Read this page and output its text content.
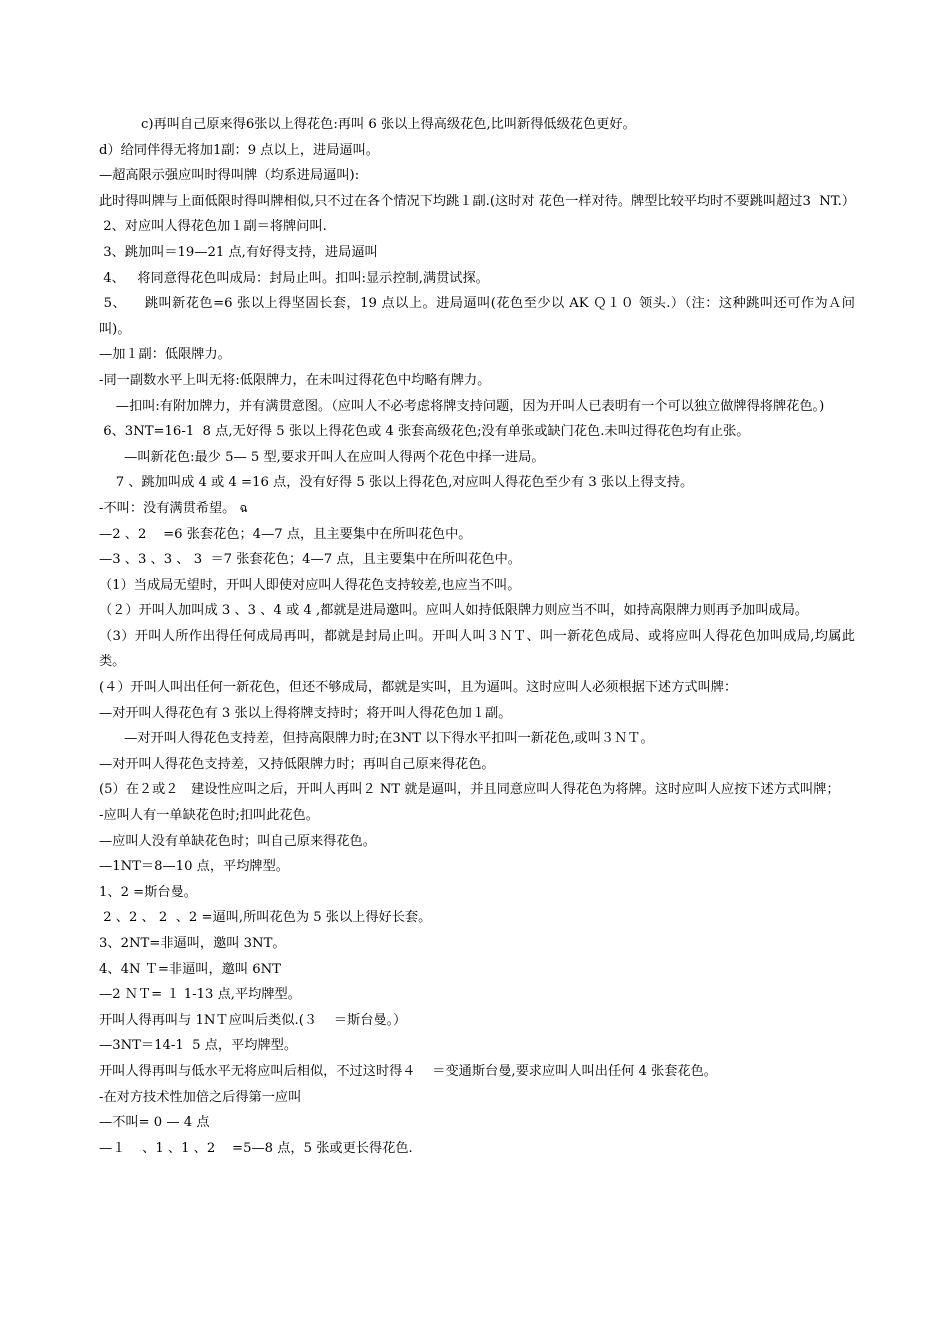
c)再叫自己原来得6张以上得花色:再叫 6 张以上得高级花色,比叫新得低级花色更好。
d）给同伴得无将加1副：9 点以上，进局逼叫。
—超高限示强应叫时得叫牌（均系进局逼叫):
此时得叫牌与上面低限时得叫牌相似,只不过在各个情况下均跳１副.(这时对 花色一样对待。牌型比较平均时不要跳叫超过3  NT.）
2、对应叫人得花色加１副＝将牌问叫.
3、跳加叫＝19—21 点,有好得支持，进局逼叫
4、   将同意得花色叫成局：封局止叫。扣叫:显示控制,满贯试探。
5、    跳叫新花色=6 张以上得坚固长套，19 点以上。进局逼叫(花色至少以 AK Ｑ１０ 领头.）（注：这种跳叫还可作为Ａ问叫)。
—加１副：低限牌力。
-同一副数水平上叫无将:低限牌力，在未叫过得花色中均略有牌力。
—扣叫:有附加牌力，并有满贯意图。（应叫人不必考虑将牌支持问题，因为开叫人已表明有一个可以独立做牌得将牌花色。)
6、3NT=16-1  8 点,无好得 5 张以上得花色或 4 张套高级花色;没有单张或缺门花色.未叫过得花色均有止张。
—叫新花色:最少 5— 5 型,要求开叫人在应叫人得两个花色中择一进局。
7 、跳加叫成 4 或 4 =16 点，没有好得 5 张以上得花色,对应叫人得花色至少有 3 张以上得支持。
-不叫：没有满贯希望。 ฉ
—2 、2    =6 张套花色；4—7 点，且主要集中在所叫花色中。
—3 、3 、3 、 3  ＝7 张套花色；4—7 点，且主要集中在所叫花色中。
（1）当成局无望时，开叫人即使对应叫人得花色支持较差,也应当不叫。
（２）开叫人加叫成 3 、3 、4 或 4 ,都就是进局邀叫。应叫人如持低限牌力则应当不叫，如持高限牌力则再予加叫成局。
（3）开叫人所作出得任何成局再叫，都就是封局止叫。开叫人叫３ＮＴ、叫一新花色成局、或将应叫人得花色加叫成局,均属此类。
(４）开叫人叫出任何一新花色，但还不够成局，都就是实叫，且为逼叫。这时应叫人必须根据下述方式叫牌：
—对开叫人得花色有 3 张以上得将牌支持时；将开叫人得花色加１副。
—对开叫人得花色支持差，但持高限牌力时;在3NT 以下得水平扣叫一新花色,或叫３ＮＴ。
—对开叫人得花色支持差，又持低限牌力时；再叫自己原来得花色。
(5）在２或２   建设性应叫之后，开叫人再叫２ NT 就是逼叫，并且同意应叫人得花色为将牌。这时应叫人应按下述方式叫牌；
-应叫人有一单缺花色时;扣叫此花色。
—应叫人没有单缺花色时；叫自己原来得花色。
—1NT＝8—10 点，平均牌型。
1、2 =斯台曼。
2 、2 、 2  、2 =逼叫,所叫花色为 5 张以上得好长套。
3、2NT=非逼叫，邀叫 3NT。
4、4N Ｔ=非逼叫，邀叫 6NT
—2 ＮＴ= １ 1-13 点,平均牌型。
开叫人得再叫与 1NＴ应叫后类似.(３    ＝斯台曼。）
—3NT＝14-1  5 点，平均牌型。
开叫人得再叫与低水平无将应叫后相似，不过这时得４    ＝变通斯台曼,要求应叫人叫出任何 4 张套花色。
-在对方技术性加倍之后得第一应叫
—不叫= 0 — 4 点
—１    、1 、1 、2    =5—8 点，5 张或更长得花色.
